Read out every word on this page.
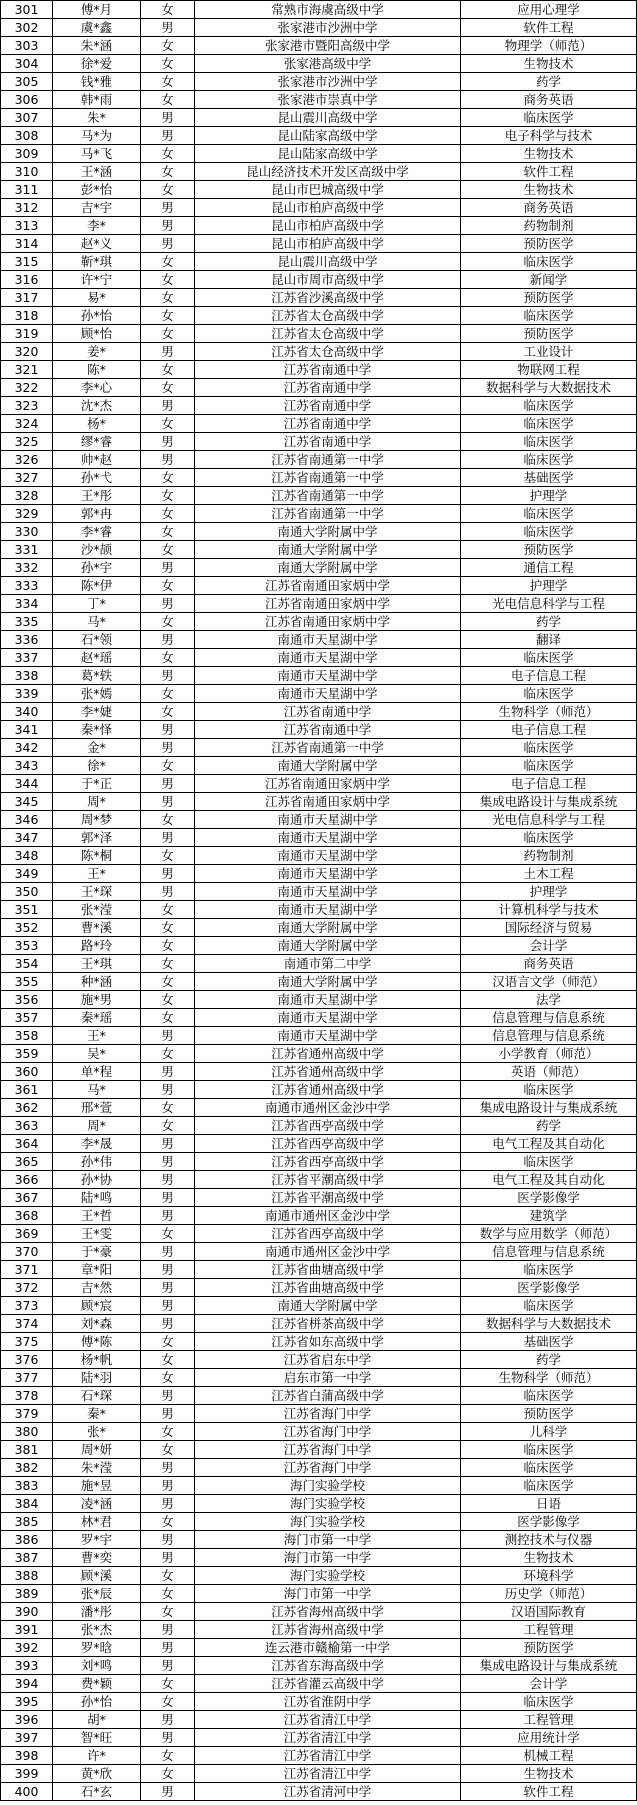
301	傅*月	女	常熟市海虞高级中学	应用心理学
302	虞*鑫	男	张家港市沙洲中学	软件工程
303	朱*涵	女	张家港市暨阳高级中学	物理学（师范）
304	徐*爱	女	张家港高级中学	生物技术
305	钱*雅	女	张家港市沙洲中学	药学
306	韩*雨	女	张家港市崇真中学	商务英语
307	朱*	男	昆山震川高级中学	临床医学
308	马*为	男	昆山陆家高级中学	电子科学与技术
309	马*飞	女	昆山陆家高级中学	生物技术
310	王*涵	女	昆山经济技术开发区高级中学	软件工程
311	彭*怡	女	昆山市巴城高级中学	生物技术
312	吉*宇	男	昆山市柏庐高级中学	商务英语
313	李*	男	昆山市柏庐高级中学	药物制剂
314	赵*义	男	昆山市柏庐高级中学	预防医学
315	靳*琪	女	昆山震川高级中学	临床医学
316	许*宁	女	昆山市周市高级中学	新闻学
317	易*	女	江苏省沙溪高级中学	预防医学
318	孙*怡	女	江苏省太仓高级中学	临床医学
319	顾*怡	女	江苏省太仓高级中学	预防医学
320	姜*	男	江苏省太仓高级中学	工业设计
321	陈*	女	江苏省南通中学	物联网工程
322	李*心	女	江苏省南通中学	数据科学与大数据技术
323	沈*杰	男	江苏省南通中学	临床医学
324	杨*	女	江苏省南通中学	临床医学
325	缪*睿	男	江苏省南通中学	临床医学
326	帅*赵	男	江苏省南通第一中学	临床医学
327	孙*弋	女	江苏省南通第一中学	基础医学
328	王*彤	女	江苏省南通第一中学	护理学
329	郭*冉	女	江苏省南通第一中学	临床医学
330	李*睿	女	南通大学附属中学	临床医学
331	沙*颉	女	南通大学附属中学	预防医学
332	孙*宇	男	南通大学附属中学	通信工程
333	陈*伊	女	江苏省南通田家炳中学	护理学
334	丁*	男	江苏省南通田家炳中学	光电信息科学与工程
335	马*	女	江苏省南通田家炳中学	药学
336	石*领	男	南通市天星湖中学	翻译
337	赵*瑶	女	南通市天星湖中学	临床医学
338	葛*轶	男	南通市天星湖中学	电子信息工程
339	张*嫣	女	南通市天星湖中学	临床医学
340	李*婕	女	江苏省南通中学	生物科学（师范）
341	秦*怿	男	江苏省南通中学	电子信息工程
342	金*	男	江苏省南通第一中学	临床医学
343	徐*	女	南通大学附属中学	临床医学
344	于*正	男	江苏省南通田家炳中学	电子信息工程
345	周*	男	江苏省南通田家炳中学	集成电路设计与集成系统
346	周*梦	女	南通市天星湖中学	光电信息科学与工程
347	郭*泽	男	南通市天星湖中学	临床医学
348	陈*桐	女	南通市天星湖中学	药物制剂
349	王*	男	南通市天星湖中学	土木工程
350	王*琛	男	南通市天星湖中学	护理学
351	张*滢	女	南通市天星湖中学	计算机科学与技术
352	曹*溪	女	南通大学附属中学	国际经济与贸易
353	路*玲	女	南通大学附属中学	会计学
354	王*琪	女	南通市第二中学	商务英语
355	种*涵	女	南通大学附属中学	汉语言文学（师范）
356	施*男	女	南通市天星湖中学	法学
357	秦*瑶	女	南通市天星湖中学	信息管理与信息系统
358	王*	男	南通市天星湖中学	信息管理与信息系统
359	吴*	女	江苏省通州高级中学	小学教育（师范）
360	单*程	男	江苏省通州高级中学	英语（师范）
361	马*	男	江苏省通州高级中学	临床医学
362	邢*萱	女	南通市通州区金沙中学	集成电路设计与集成系统
363	周*	女	江苏省西亭高级中学	药学
364	李*晟	男	江苏省西亭高级中学	电气工程及其自动化
365	孙*伟	男	江苏省西亭高级中学	临床医学
366	孙*协	男	江苏省平潮高级中学	电气工程及其自动化
367	陆*鸣	男	江苏省平潮高级中学	医学影像学
368	王*哲	男	南通市通州区金沙中学	建筑学
369	王*雯	女	江苏省西亭高级中学	数学与应用数学（师范）
370	于*豪	男	南通市通州区金沙中学	信息管理与信息系统
371	章*阳	男	江苏省曲塘高级中学	临床医学
372	吉*然	男	江苏省曲塘高级中学	医学影像学
373	顾*宸	男	南通大学附属中学	临床医学
374	刘*森	男	江苏省栟茶高级中学	数据科学与大数据技术
375	傅*陈	女	江苏省如东高级中学	基础医学
376	杨*帆	女	江苏省启东中学	药学
377	陆*羽	女	启东市第一中学	生物科学（师范）
378	石*琛	男	江苏省白蒲高级中学	临床医学
379	秦*	男	江苏省海门中学	预防医学
380	张*	女	江苏省海门中学	儿科学
381	周*妍	女	江苏省海门中学	临床医学
382	朱*滢	男	江苏省海门中学	临床医学
383	施*昱	男	海门实验学校	临床医学
384	凌*涵	男	海门实验学校	日语
385	林*君	女	海门实验学校	医学影像学
386	罗*宇	男	海门市第一中学	测控技术与仪器
387	曹*奕	男	海门市第一中学	生物技术
388	顾*溪	女	海门实验学校	环境科学
389	张*辰	女	海门市第一中学	历史学（师范）
390	潘*彤	女	江苏省海州高级中学	汉语国际教育
391	张*杰	男	江苏省海州高级中学	工程管理
392	罗*晗	男	连云港市赣榆第一中学	预防医学
393	刘*鸣	男	江苏省东海高级中学	集成电路设计与集成系统
394	费*颖	女	江苏省灌云高级中学	会计学
395	孙*怡	女	江苏省淮阴中学	临床医学
396	胡*	男	江苏省清江中学	工程管理
397	智*旺	男	江苏省清江中学	应用统计学
398	许*	女	江苏省清江中学	机械工程
399	黄*欣	女	江苏省清江中学	生物技术
400	石*玄	男	江苏省清河中学	软件工程
